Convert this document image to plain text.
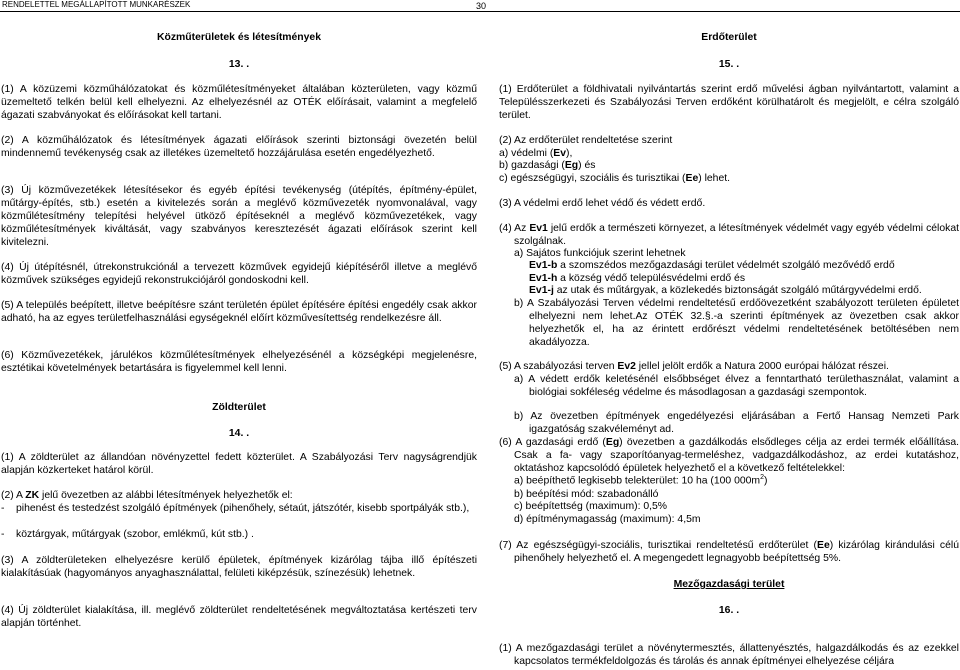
RENDELETTEL MEGÁLLAPÍTOTT MUNKARÉSZEK	30
Közműterületek és létesítmények
13. .
(1) A közüzemi közműhálózatokat és közműlétesítményeket általában közterületen, vagy közmű üzemeltető telkén belül kell elhelyezni. Az elhelyezésnél az OTÉK előírásait, valamint a megfelelő ágazati szabványokat és előírásokat kell tartani.
(2) A közműhálózatok és létesítmények ágazati előírások szerinti biztonsági övezetén belül mindennemű tevékenység csak az illetékes üzemeltető hozzájárulása esetén engedélyezhető.
(3) Új közművezetékek létesítésekor és egyéb építési tevékenység (útépítés, építmény-épület, műtárgy-építés, stb.) esetén a kivitelezés során a meglévő közművezeték nyomvonalával, vagy közműlétesítmény telepítési helyével ütköző építéseknél a meglévő közművezetékek, vagy közműlétesítmények kiváltását, vagy szabványos keresztezését ágazati előírások szerint kell kivitelezni.
(4) Új útépítésnél, útrekonstrukciónál a tervezett közművek egyidejű kiépítéséről illetve a meglévő közművek szükséges egyidejű rekonstrukciójáról gondoskodni kell.
(5) A település beépített, illetve beépítésre szánt területén épület építésére építési engedély csak akkor adható, ha az egyes területfelhasználási egységeknél előírt közművesítettség rendelkezésre áll.
(6) Közművezetékek, járulékos közműlétesítmények elhelyezésénél a községképi megjelenésre, esztétikai követelmények betartására is figyelemmel kell lenni.
Zöldterület
14. .
(1) A zöldterület az állandóan növényzettel fedett közterület. A Szabályozási Terv nagyságrendjük alapján közkerteket határol körül.
(2) A ZK jelű övezetben az alábbi létesítmények helyezhetők el:
-	pihenést és testedzést szolgáló építmények (pihenőhely, sétaút, játszótér, kisebb sportpályák stb.),
-	köztárgyak, műtárgyak (szobor, emlékmű, kút stb.) .
(3) A zöldterületeken elhelyezésre kerülő épületek, építmények kizárólag tájba illő építészeti kialakításúak (hagyományos anyaghasználattal, felületi kiképzésük, színezésük) lehetnek.
(4) Új zöldterület kialakítása, ill. meglévő zöldterület rendeltetésének megváltoztatása kertészeti terv alapján történhet.
Erdőterület
15. .
(1) Erdőterület a földhivatali nyilvántartás szerint erdő művelési ágban nyilvántartott, valamint a Településszerkezeti és Szabályozási Terven erdőként körülhatárolt és megjelölt, e célra szolgáló terület.
(2) Az erdőterület rendeltetése szerint
a) védelmi (Ev),
b) gazdasági (Eg) és
c) egészségügyi, szociális és turisztikai (Ee) lehet.
(3) A védelmi erdő lehet védő és védett erdő.
(4) Az Ev1 jelű erdők a természeti környezet, a létesítmények védelmét vagy egyéb védelmi célokat szolgálnak.
a) Sajátos funkciójuk szerint lehetnek
Ev1-b a szomszédos mezőgazdasági terület védelmét szolgáló mezővédő erdő
Ev1-h a község védő településvédelmi erdő és
Ev1-j az utak és műtárgyak, a közlekedés biztonságát szolgáló műtárgyvédelmi erdő.
b) A Szabályozási Terven védelmi rendeltetésű erdőövezetként szabályozott területen épületet elhelyezni nem lehet.Az OTÉK 32.§.-a szerinti építmények az övezetben csak akkor helyezhetők el, ha az érintett erdőrészt védelmi rendeltetésének betöltésében nem akadályozza.
(5) A szabályozási terven Ev2 jellel jelölt erdők a Natura 2000 európai hálózat részei.
a) A védett erdők keletésénél elsőbbséget élvez a fenntartható területhasználat, valamint a biológiai sokféleség védelme és másodlagosan a gazdasági szempontok.
b) Az övezetben építmények engedélyezési eljárásában a Fertő Hansag Nemzeti Park igazgatóság szakvéleményt ad.
(6) A gazdasági erdő (Eg) övezetben a gazdálkodás elsődleges célja az erdei termék előállítása. Csak a fa- vagy szaporítóanyag-termeléshez, vadgazdálkodáshoz, az erdei kutatáshoz, oktatáshoz kapcsolódó épületek helyezhető el a következő feltételekkel:
a) beépíthető legkisebb telekterület: 10 ha (100 $000m^2$)
b) beépítési mód: szabadonálló
c) beépítettség (maximum): 0,5%
d) építménymagasság (maximum): 4,5m
(7) Az egészségügyi-szociális, turisztikai rendeltetésű erdőterület (Ee) kizárólag kirándulási célú pihenőhely helyezhető el. A megengedett legnagyobb beépítettség 5%.
Mezőgazdasági terület
16. .
(1) A mezőgazdasági terület a növénytermesztés, állattenyésztés, halgazdálkodás és az ezekkel kapcsolatos termékfeldolgozás és tárolás és annak építményei elhelyezése céljára
